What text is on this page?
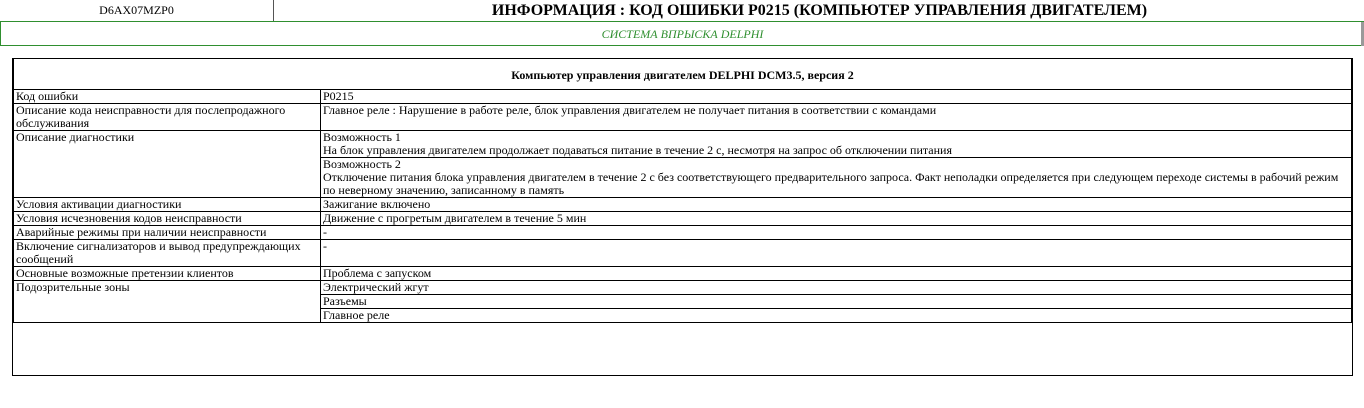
D6AX07MZP0	ИНФОРМАЦИЯ : КОД ОШИБКИ P0215 (КОМПЬЮТЕР УПРАВЛЕНИЯ ДВИГАТЕЛЕМ)
СИСТЕМА ВПРЫСКА DELPHI
Компьютер управления двигателем DELPHI DCM3.5, версия 2	
Код ошибки	P0215
Описание кода неисправности для послепродажного обслуживания	Главное реле : Нарушение в работе реле, блок управления двигателем не получает питания в соответствии с командами
Описание диагностики	Возможность 1
На блок управления двигателем продолжает подаваться питание в течение 2 с, несмотря на запрос об отключении питания

	Возможность 2
Отключение питания блока управления двигателем в течение 2 с без соответствующего предварительного запроса. Факт неполадки определяется при следующем переходе системы в рабочий режим по неверному значению, записанному в память

Условия активации диагностики	Зажигание включено
Условия исчезновения кодов неисправности	Движение с прогретым двигателем в течение 5 мин
Аварийные режимы при наличии неисправности	-
Включение сигнализаторов и вывод предупреждающих сообщений	-
Основные возможные претензии клиентов	Проблема с запуском
Подозрительные зоны	Электрический жгут
	Разъемы
	Главное реле
